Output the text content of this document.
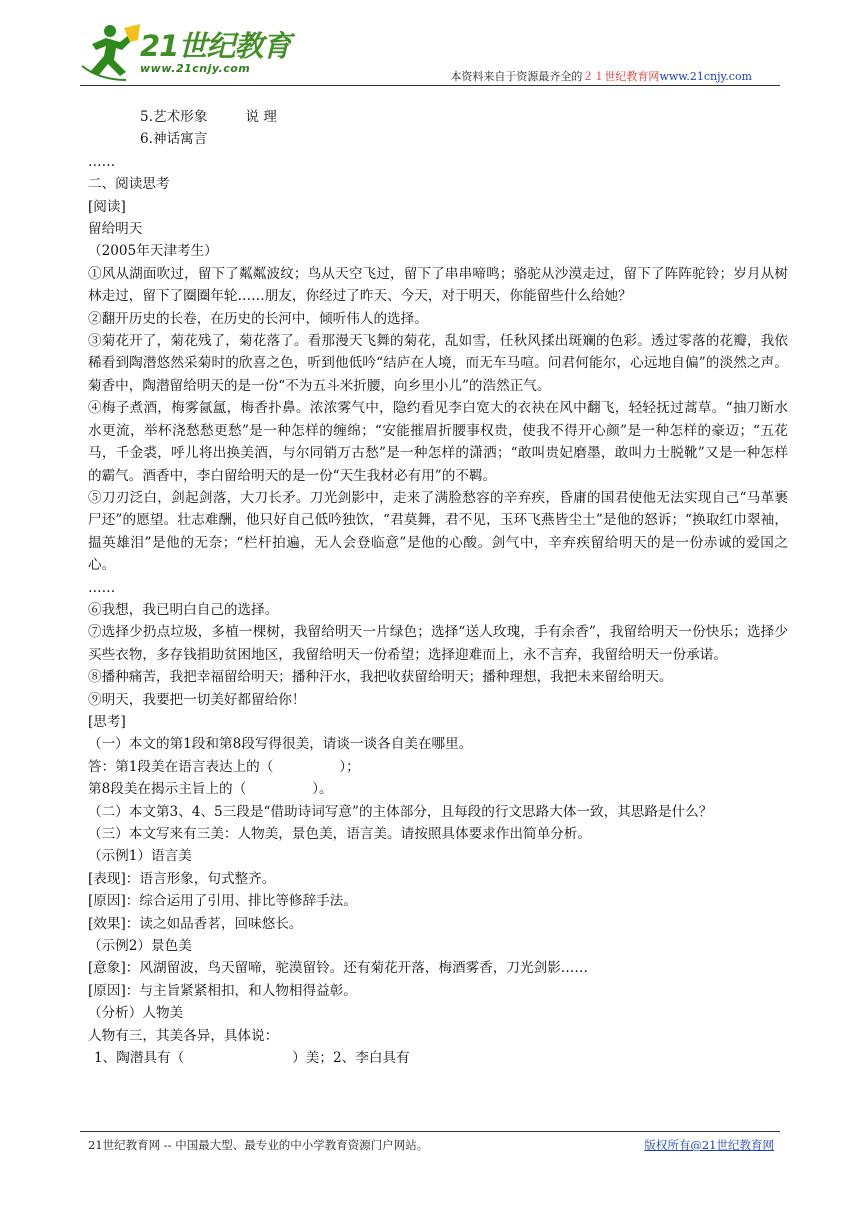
21世纪教育
www.21cnjy.com
本资料来自于资源最齐全的２１世纪教育网www.21cnjy.com

5.艺术形象	说 理

6.神话寓言

……

二、阅读思考

[阅读]

留给明天

（2005年天津考生）

①风从湖面吹过，留下了粼粼波纹；鸟从天空飞过，留下了串串啼鸣；骆驼从沙漠走过，留下了阵阵驼铃；岁月从树林走过，留下了圈圈年轮……朋友，你经过了昨天、今天，对于明天，你能留些什么给她？

②翻开历史的长卷，在历史的长河中，倾听伟人的选择。

③菊花开了，菊花残了，菊花落了。看那漫天飞舞的菊花，乱如雪，任秋风揉出斑斓的色彩。透过零落的花瓣，我依稀看到陶潜悠然采菊时的欣喜之色，听到他低吟“结庐在人境，而无车马喧。问君何能尔，心远地自偏”的淡然之声。菊香中，陶潜留给明天的是一份“不为五斗米折腰，向乡里小儿”的浩然正气。

④梅子煮酒，梅雾氤氲，梅香扑鼻。浓浓雾气中，隐约看见李白宽大的衣袂在风中翻飞，轻轻抚过蒿草。“抽刀断水水更流，举杯浇愁愁更愁”是一种怎样的缠绵；“安能摧眉折腰事权贵，使我不得开心颜”是一种怎样的豪迈；“五花马，千金裘，呼儿将出换美酒，与尔同销万古愁”是一种怎样的潇洒；“敢叫贵妃磨墨，敢叫力士脱靴”又是一种怎样的霸气。酒香中，李白留给明天的是一份“天生我材必有用”的不羁。

⑤刀刃泛白，剑起剑落，大刀长矛。刀光剑影中，走来了满脸愁容的辛弃疾，昏庸的国君使他无法实现自己“马革裹尸还”的愿望。壮志难酬，他只好自己低吟独饮，“君莫舞，君不见，玉环飞燕皆尘土”是他的怒诉；“换取红巾翠袖，揾英雄泪”是他的无奈；“栏杆拍遍，无人会登临意”是他的心酸。剑气中，辛弃疾留给明天的是一份赤诚的爱国之心。

……

⑥我想，我已明白自己的选择。

⑦选择少扔点垃圾，多植一棵树，我留给明天一片绿色；选择“送人玫瑰，手有余香”，我留给明天一份快乐；选择少买些衣物，多存钱捐助贫困地区，我留给明天一份希望；选择迎难而上，永不言弃，我留给明天一份承诺。

⑧播种痛苦，我把幸福留给明天；播种汗水，我把收获留给明天；播种理想，我把未来留给明天。

⑨明天，我要把一切美好都留给你！

[思考]

（一）本文的第1段和第8段写得很美，请谈一谈各自美在哪里。

答：第1段美在语言表达上的（	）；

第8段美在揭示主旨上的（	）。

（二）本文第3、4、5三段是“借助诗词写意”的主体部分，且每段的行文思路大体一致，其思路是什么？

（三）本文写来有三美：人物美，景色美，语言美。请按照具体要求作出简单分析。

（示例1）语言美

[表现]：语言形象，句式整齐。

[原因]：综合运用了引用、排比等修辞手法。

[效果]：读之如品香茗，回味悠长。

（示例2）景色美

[意象]：风湖留波，鸟天留啼，驼漠留铃。还有菊花开落，梅酒雾香，刀光剑影……

[原因]：与主旨紧紧相扣，和人物相得益彰。

（分析）人物美

人物有三，其美各异，具体说：

1、陶潜具有（	）美；2、李白具有

21世纪教育网 -- 中国最大型、最专业的中小学教育资源门户网站。	版权所有@21世纪教育网
